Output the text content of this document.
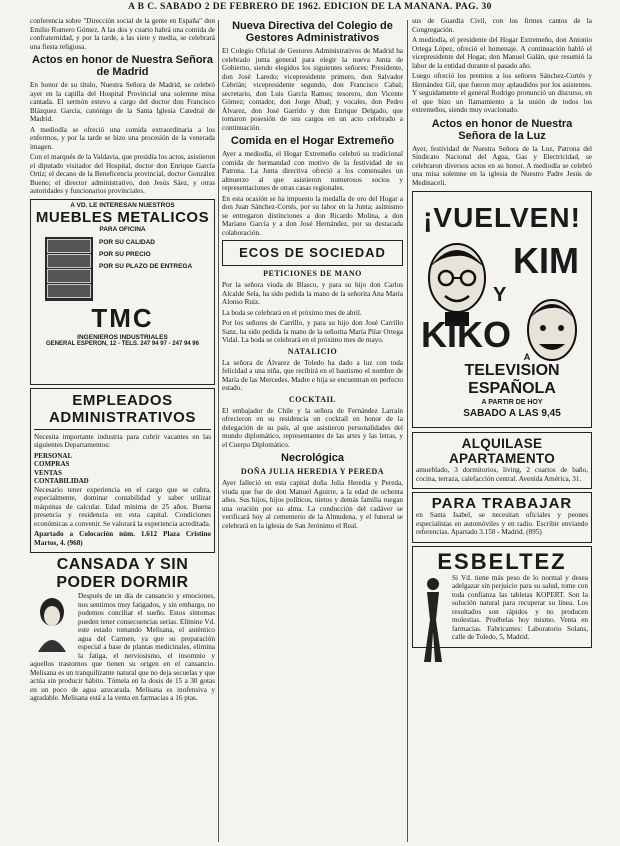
A B C. SABADO 2 DE FEBRERO DE 1962. EDICION DE LA MAÑANA. PAG. 30

conferencia sobre "Dirección social de la gente en España" don Emilio Romero Gómez. A las dos y cuarto habrá una comida de confraternidad, y por la tarde, a las siete y media, se celebrará una fiesta religiosa.

Actos en honor de Nuestra Señora de Madrid

En honor de su título, Nuestra Señora de Madrid, se celebró ayer en la capilla del Hospital Provincial una solemne misa cantada. El sermón estuvo a cargo del doctor don Francisco Blázquez García, canónigo de la Santa Iglesia Catedral de Madrid.

A mediodía se ofreció una comida extraordinaria a los enfermos, y por la tarde se hizo una procesión de la venerada imagen.

Con el marqués de la Valdavia, que presidía los actos, asistieron el diputado visitador del Hospital, doctor don Enrique García Ortiz; el decano de la Beneficencia provincial, doctor González Bueno; el director administrativo, don Jesús Sáez, y otras autoridades y funcionarios provinciales.

A VD. LE INTERESAN NUESTROS
MUEBLES METALICOS
PARA OFICINA
POR SU CALIDAD
POR SU PRECIO
POR SU PLAZO DE ENTREGA
TMC
INGENIEROS INDUSTRIALES
GENERAL ESPERON, 12 - TELS. 247 94 97 - 247 94 96
EMPLEADOS ADMINISTRATIVOS

Necesita importante industria para cubrir vacantes en las siguientes Departamentos:

PERSONAL
COMPRAS
VENTAS
CONTABILIDAD

Necesario tener experiencia en el cargo que se cubra, especialmente, dominar contabilidad y saber utilizar máquinas de calcular. Edad mínima de 25 años. Buena presencia y residencia en esta capital. Condiciones económicas a convenir. Se valorará la experiencia acreditada.

Apartado a Colocación núm. 1.612 Plaza Cristino Martos, 4. (968)

CANSADA Y SIN PODER DORMIR

Después de un día de cansancio y emociones, nos sentimos muy fatigados, y sin embargo, no podemos conciliar el sueño. Estos síntomas pueden tener consecuencias serias. Elimine Vd. este estado tomando Melisana, el auténtico agua del Carmen, ya que su preparación especial a base de plantas medicinales, elimina la fatiga, el nerviosismo, el insomnio y aquellos trastornos que tienen su origen en el cansancio. Melisana es un tranquilizante natural que no deja secuelas y que actúa sin producir hábito. Tómela en la dosis de 15 a 30 gotas en un poco de agua azucarada. Melisana es inofensiva y agradable. Melisana está a la venta en farmacias a 16 ptas.

Nueva Directiva del Colegio de Gestores Administrativos

El Colegio Oficial de Gestores Administrativos de Madrid ha celebrado junta general para elegir la nueva Junta de Gobierno, siendo elegidos los siguientes señores: Presidente, don José Laredo; vicepresidente primero, don Salvador Cebrián; vicepresidente segundo, don Francisco Cabal; secretario, don Luis García Ramos; tesorero, don Vicente Gómez; contador, don Jorge Abad; y vocales, don Pedro Álvarez, don José Garrido y don Enrique Delgado, que tomaron posesión de sus cargos en un acto celebrado a continuación.

Comida en el Hogar Extremeño

Ayer a mediodía, el Hogar Extremeño celebró su tradicional comida de hermandad con motivo de la festividad de su Patrona. La Junta directiva ofreció a los comensales un almuerzo al que asistieron numerosos socios y representaciones de otras casas regionales.

En esta ocasión se ha impuesto la medalla de oro del Hogar a don Juan Sánchez-Cortés, por su labor en la Junta; asimismo se entregaron distinciones a don Ricardo Molina, a don Mariano García y a don José Hernández, por su destacada colaboración.

ECOS DE SOCIEDAD
PETICIONES DE MANO

Por la señora viuda de Blasco, y para su hijo don Carlos Alcalde Sela, ha sido pedida la mano de la señorita Ana María Alonso Ruiz.

La boda se celebrará en el próximo mes de abril.

Por los señores de Carrillo, y para su hijo don José Carrillo Sanz, ha sido pedida la mano de la señorita María Pilar Ortega Vidal. La boda se celebrará en el próximo mes de mayo.

NATALICIO

La señora de Álvarez de Toledo ha dado a luz con toda felicidad a una niña, que recibirá en el bautismo el nombre de María de las Mercedes. Madre e hija se encuentran en perfecto estado.

COCKTAIL

El embajador de Chile y la señora de Fernández Larraín ofrecieron en su residencia un cocktail en honor de la delegación de su país, al que asistieron personalidades del mundo diplomático, representantes de las artes y las letras, y el Cuerpo Diplomático.

Necrológica
DOÑA JULIA HEREDIA Y PEREDA

Ayer falleció en esta capital doña Julia Heredia y Pereda, viuda que fue de don Manuel Aguirre, a la edad de ochenta años. Sus hijos, hijos políticos, nietos y demás familia ruegan una oración por su alma. La conducción del cadáver se verificará hoy al cementerio de la Almudena, y el funeral se celebrará en la iglesia de San Jerónimo el Real.

sus de Guardia Civil, con los firmes cantos de la Congregación.

A mediodía, el presidente del Hogar Extremeño, don Antonio Ortega López, ofreció el homenaje. A continuación habló el vicepresidente del Hogar, don Manuel Galán, que resumió la labor de la entidad durante el pasado año.

Luego ofreció los premios a los señores Sánchez-Cortés y Hernández Gil, que fueron muy aplaudidos por los asistentes. Y seguidamente el general Rodrigo pronunció un discurso, en el que hizo un llamamiento a la unión de todos los extremeños, siendo muy ovacionado.

Actos en honor de Nuestra Señora de la Luz

Ayer, festividad de Nuestra Señora de la Luz, Patrona del Sindicato Nacional del Agua, Gas y Electricidad, se celebraron diversos actos en su honor. A mediodía se celebró una misa solemne en la iglesia de Nuestro Padre Jesús de Medinaceli.

¡VUELVEN!
KIM
Y
KIKO
A
TELEVISION
ESPAÑOLA
A PARTIR DE HOY
SABADO A LAS 9,45
ALQUILASE APARTAMENTO

amueblado, 3 dormitorios, living, 2 cuartos de baño, cocina, terraza, calefacción central. Avenida América, 31.

PARA TRABAJAR

en Santa Isabel, se necesitan oficiales y peones especialistas en automóviles y en radio. Escribir enviando referencias. Apartado 3.158 - Madrid. (895)

ESBELTEZ

Si Vd. tiene más peso de lo normal y desea adelgazar sin perjuicio para su salud, tome con toda confianza las tabletas KOPERT. Son la solución natural para recuperar su línea. Los resultados son rápidos y no producen molestias. Pruébelas hoy mismo. Venta en farmacias. Fabricantes: Laboratorio Solans, calle de Toledo, 5, Madrid.
